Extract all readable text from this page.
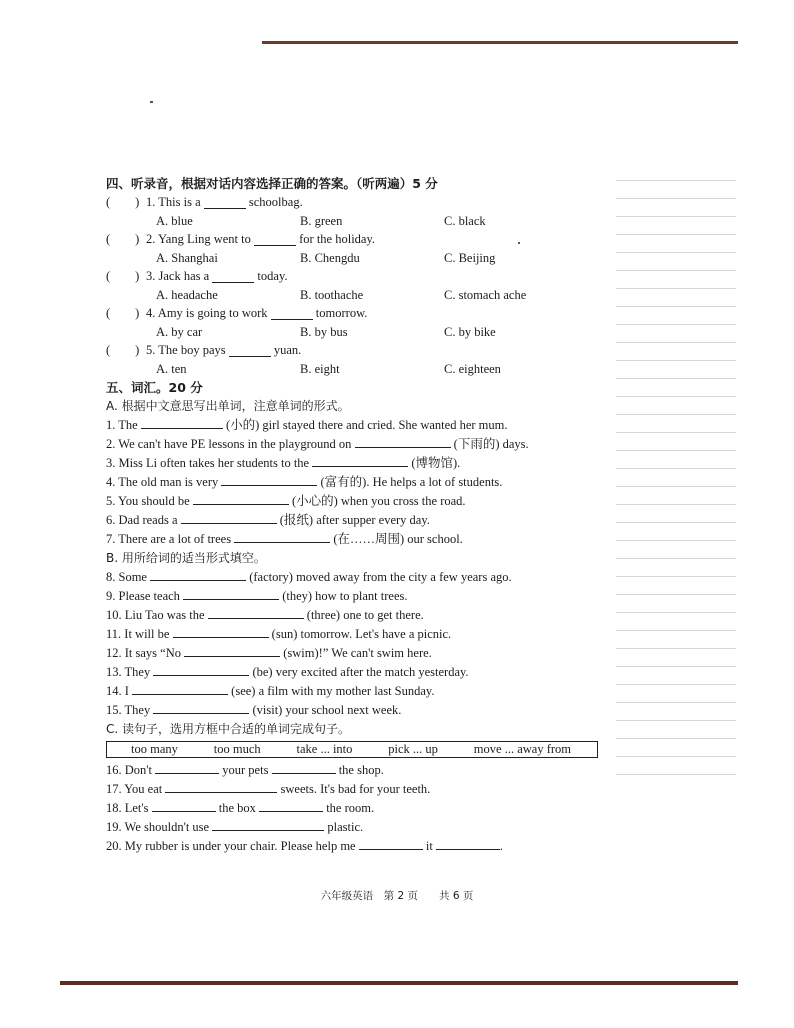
四、听录音，根据对话内容选择正确的答案。（听两遍）5 分
(　　) 1. This is a

	schoolbag.
A. blue	B. green	C. black
(　　) 2. Yang Ling went to

	for the holiday.
A. Shanghai	B. Chengdu	C. Beijing
(　　) 3. Jack has a

	today.
A. headache	B. toothache	C. stomach ache
(　　) 4. Amy is going to work

	tomorrow.
A. by car	B. by bus	C. by bike
(　　) 5. The boy pays

	yuan.
A. ten	B. eight	C. eighteen
五、词汇。20 分
A. 根据中文意思写出单词，注意单词的形式。
1. The	(小的) girl stayed there and cried. She wanted her mum.
2. We can't have PE lessons in the playground on	(下雨的) days.
3. Miss Li often takes her students to the	(博物馆).
4. The old man is very	(富有的). He helps a lot of students.
5. You should be	(小心的) when you cross the road.
6. Dad reads a	(报纸) after supper every day.
7. There are a lot of trees	(在……周围) our school.
B. 用所给词的适当形式填空。
8. Some	(factory) moved away from the city a few years ago.
9. Please teach	(they) how to plant trees.
10. Liu Tao was the	(three) one to get there.
11. It will be	(sun) tomorrow. Let's have a picnic.
12. It says “No	(swim)!” We can't swim here.
13. They	(be) very excited after the match yesterday.
14. I	(see) a film with my mother last Sunday.
15. They	(visit) your school next week.
C. 读句子，选用方框中合适的单词完成句子。
too many	too much	take ... into	pick ... up	move ... away from
16. Don't	your pets	the shop.
17. You eat	sweets. It's bad for your teeth.
18. Let's	the box	the room.
19. We shouldn't use	plastic.
20. My rubber is under your chair. Please help me	it	.
六年级英语　第 2 页　　共 6 页
